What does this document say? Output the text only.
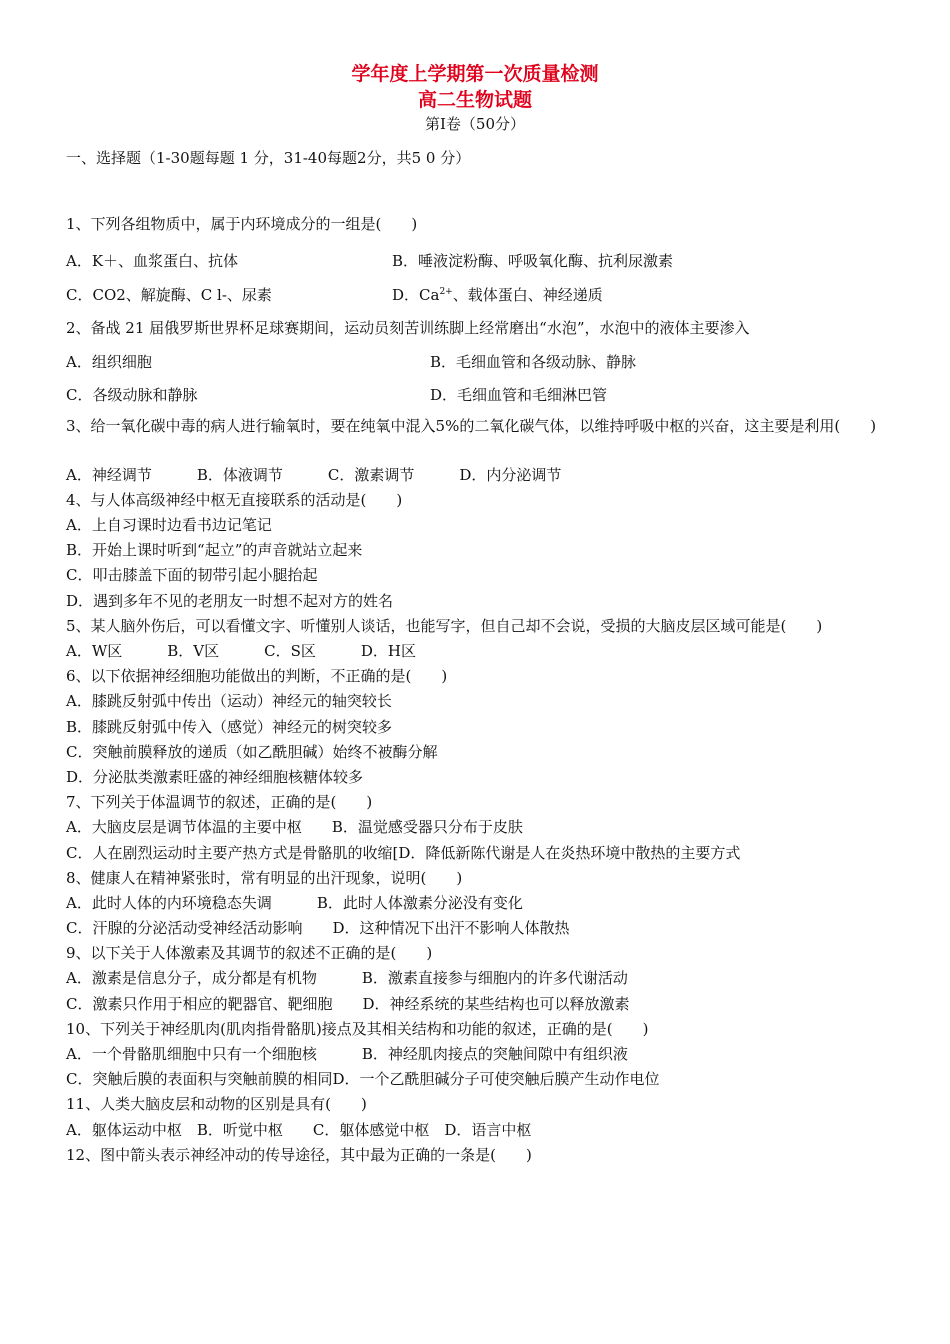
学年度上学期第一次质量检测
高二生物试题
第Ⅰ卷（50分）
一、选择题（1-30题每题 1 分，31-40每题2分，共5 0 分）
1、下列各组物质中，属于内环境成分的一组是(　　)
A．K＋、血浆蛋白、抗体	B．唾液淀粉酶、呼吸氧化酶、抗利尿激素
C．CO2、解旋酶、C l-、尿素	D．$Ca^{2+}$、载体蛋白、神经递质
2、备战 21 届俄罗斯世界杯足球赛期间，运动员刻苦训练脚上经常磨出“水泡”，水泡中的液体主要渗入
A．组织细胞	B．毛细血管和各级动脉、静脉
C．各级动脉和静脉	D．毛细血管和毛细淋巴管
3、给一氧化碳中毒的病人进行输氧时，要在纯氧中混入5%的二氧化碳气体，以维持呼吸中枢的兴奋，这主要是利用(　　)
A．神经调节　　　B．体液调节　　　C．激素调节　　　D．内分泌调节
4、与人体高级神经中枢无直接联系的活动是(　　)
A．上自习课时边看书边记笔记
B．开始上课时听到“起立”的声音就站立起来
C．叩击膝盖下面的韧带引起小腿抬起
D．遇到多年不见的老朋友一时想不起对方的姓名
5、某人脑外伤后，可以看懂文字、听懂别人谈话，也能写字，但自己却不会说，受损的大脑皮层区域可能是(　　)
A．W区　　　B．V区　　　C．S区　　　D．H区
6、以下依据神经细胞功能做出的判断，不正确的是(　　)
A．膝跳反射弧中传出（运动）神经元的轴突较长
B．膝跳反射弧中传入（感觉）神经元的树突较多
C．突触前膜释放的递质（如乙酰胆碱）始终不被酶分解
D．分泌肽类激素旺盛的神经细胞核糖体较多
7、下列关于体温调节的叙述，正确的是(　　)
A．大脑皮层是调节体温的主要中枢　　B．温觉感受器只分布于皮肤
C．人在剧烈运动时主要产热方式是骨骼肌的收缩[D．降低新陈代谢是人在炎热环境中散热的主要方式
8、健康人在精神紧张时，常有明显的出汗现象，说明(　　)
A．此时人体的内环境稳态失调　　　B．此时人体激素分泌没有变化
C．汗腺的分泌活动受神经活动影响　　D．这种情况下出汗不影响人体散热
9、以下关于人体激素及其调节的叙述不正确的是(　　)
A．激素是信息分子，成分都是有机物　　　B．激素直接参与细胞内的许多代谢活动
C．激素只作用于相应的靶器官、靶细胞　　D．神经系统的某些结构也可以释放激素
10、下列关于神经肌肉(肌肉指骨骼肌)接点及其相关结构和功能的叙述，正确的是(　　)
A．一个骨骼肌细胞中只有一个细胞核　　　B．神经肌肉接点的突触间隙中有组织液
C．突触后膜的表面积与突触前膜的相同D．一个乙酰胆碱分子可使突触后膜产生动作电位
11、人类大脑皮层和动物的区别是具有(　　)
A．躯体运动中枢　B．听觉中枢　　C．躯体感觉中枢　D．语言中枢
12、图中箭头表示神经冲动的传导途径，其中最为正确的一条是(　　)
